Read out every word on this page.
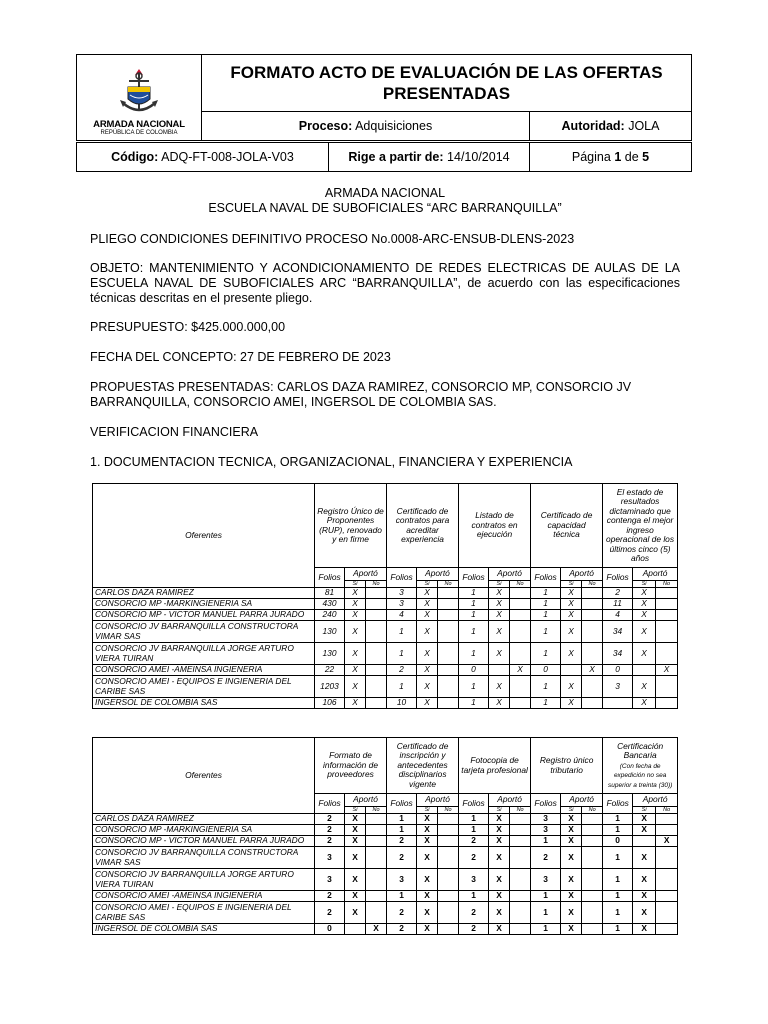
ARMADA NACIONAL
REPÚBLICA DE COLOMBIA	FORMATO ACTO DE EVALUACIÓN DE LAS OFERTAS PRESENTADAS	
	Proceso: Adquisiciones	Autoridad: JOLA
Código: ADQ-FT-008-JOLA-V03	Rige a partir de: 14/10/2014	Página 1 de 5
ARMADA NACIONAL
ESCUELA NAVAL DE SUBOFICIALES “ARC BARRANQUILLA”
PLIEGO CONDICIONES DEFINITIVO PROCESO No.0008-ARC-ENSUB-DLENS-2023
OBJETO: MANTENIMIENTO Y ACONDICIONAMIENTO DE REDES ELECTRICAS DE AULAS DE LA ESCUELA NAVAL DE SUBOFICIALES ARC “BARRANQUILLA”, de acuerdo con las especificaciones técnicas descritas en el presente pliego.
PRESUPUESTO: $425.000.000,00
FECHA DEL CONCEPTO: 27 DE FEBRERO DE 2023
PROPUESTAS PRESENTADAS: CARLOS DAZA RAMIREZ, CONSORCIO MP, CONSORCIO JV BARRANQUILLA, CONSORCIO AMEI, INGERSOL DE COLOMBIA SAS.
VERIFICACION FINANCIERA
1. DOCUMENTACION TECNICA, ORGANIZACIONAL, FINANCIERA Y EXPERIENCIA
Oferentes	Registro Único de Proponentes (RUP), renovado y en firme			Certificado de contratos para acreditar experiencia			Listado de contratos en ejecución			Certificado de capacidad técnica			El estado de resultados dictaminado que contenga el mejor ingreso operacional de los últimos cinco (5) años		
	Folios	Aportó		Folios	Aportó		Folios	Aportó		Folios	Aportó		Folios	Aportó	
		Si	No		Si	No		Si	No		Si	No		Si	No
CARLOS DAZA RAMIREZ	81	X		3	X		1	X		1	X		2	X	
CONSORCIO MP -MARKINGIENERIA SA	430	X		3	X		1	X		1	X		11	X	
CONSORCIO MP - VICTOR MANUEL PARRA JURADO	240	X		4	X		1	X		1	X		4	X	
CONSORCIO JV BARRANQUILLA CONSTRUCTORA VIMAR SAS	130	X		1	X		1	X		1	X		34	X	
CONSORCIO JV BARRANQUILLA JORGE ARTURO VIERA TUIRAN	130	X		1	X		1	X		1	X		34	X	
CONSORCIO AMEI -AMEINSA INGIENERIA	22	X		2	X		0		X	0		X	0		X
CONSORCIO AMEI - EQUIPOS E INGIENERIA DEL CARIBE SAS	1203	X		1	X		1	X		1	X		3	X	
INGERSOL DE COLOMBIA SAS	106	X		10	X		1	X		1	X			X	
Oferentes	Formato de información de proveedores			Certificado de inscripción y antecedentes disciplinarios vigente			Fotocopia de tarjeta profesional			Registro único tributario			Certificación Bancaria
(Con fecha de expedición no sea superior a treinta (30))		
	Folios	Aportó		Folios	Aportó		Folios	Aportó		Folios	Aportó		Folios	Aportó	
		Si	No		Si	No		Si	No		Si	No		Si	No
CARLOS DAZA RAMIREZ	2	X		1	X		1	X		3	X		1	X	
CONSORCIO MP -MARKINGIENERIA SA	2	X		1	X		1	X		3	X		1	X	
CONSORCIO MP - VICTOR MANUEL PARRA JURADO	2	X		2	X		2	X		1	X		0		X
CONSORCIO JV BARRANQUILLA CONSTRUCTORA VIMAR SAS	3	X		2	X		2	X		2	X		1	X	
CONSORCIO JV BARRANQUILLA JORGE ARTURO VIERA TUIRAN	3	X		3	X		3	X		3	X		1	X	
CONSORCIO AMEI -AMEINSA INGIENERIA	2	X		1	X		1	X		1	X		1	X	
CONSORCIO AMEI - EQUIPOS E INGIENERIA DEL CARIBE SAS	2	X		2	X		2	X		1	X		1	X	
INGERSOL DE COLOMBIA SAS	0		X	2	X		2	X		1	X		1	X	
